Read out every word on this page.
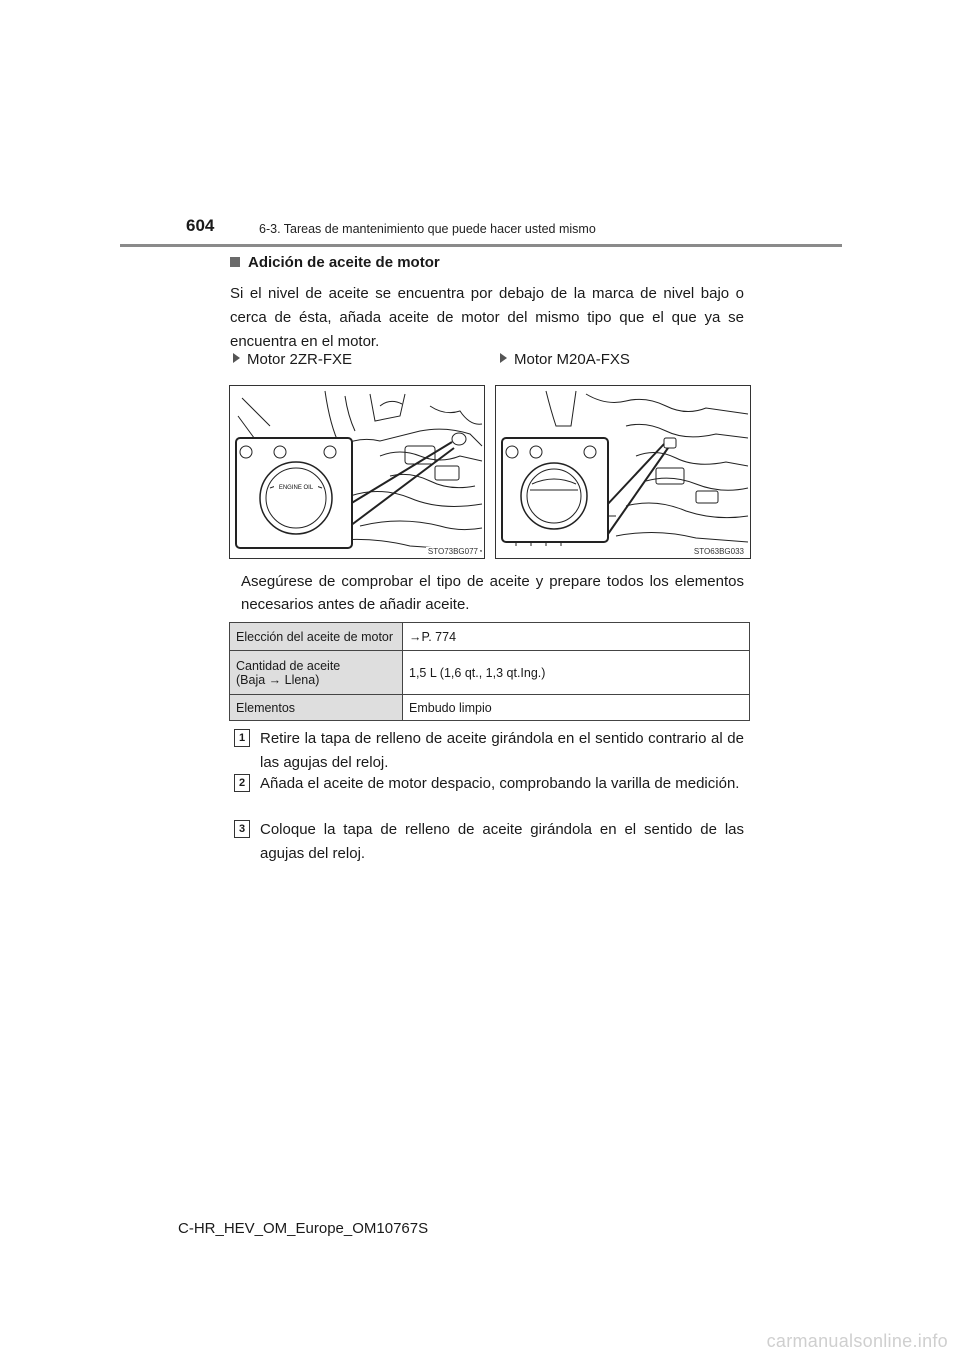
604	6-3. Tareas de mantenimiento que puede hacer usted mismo
Adición de aceite de motor
Si el nivel de aceite se encuentra por debajo de la marca de nivel bajo o cerca de ésta, añada aceite de motor del mismo tipo que el que ya se encuentra en el motor.
Motor 2ZR-FXE	Motor M20A-FXS
ENGINE OIL
STO73BG077	STO63BG033
Asegúrese de comprobar el tipo de aceite y prepare todos los elementos necesarios antes de añadir aceite.
Elección del aceite de motor	→P. 774
Cantidad de aceite
(Baja → Llena)	1,5 L (1,6 qt., 1,3 qt.Ing.)
Elementos	Embudo limpio
1 Retire la tapa de relleno de aceite girándola en el sentido contrario al de las agujas del reloj.
2 Añada el aceite de motor despacio, comprobando la varilla de medición.
3 Coloque la tapa de relleno de aceite girándola en el sentido de las agujas del reloj.
C-HR_HEV_OM_Europe_OM10767S
carmanualsonline.info
